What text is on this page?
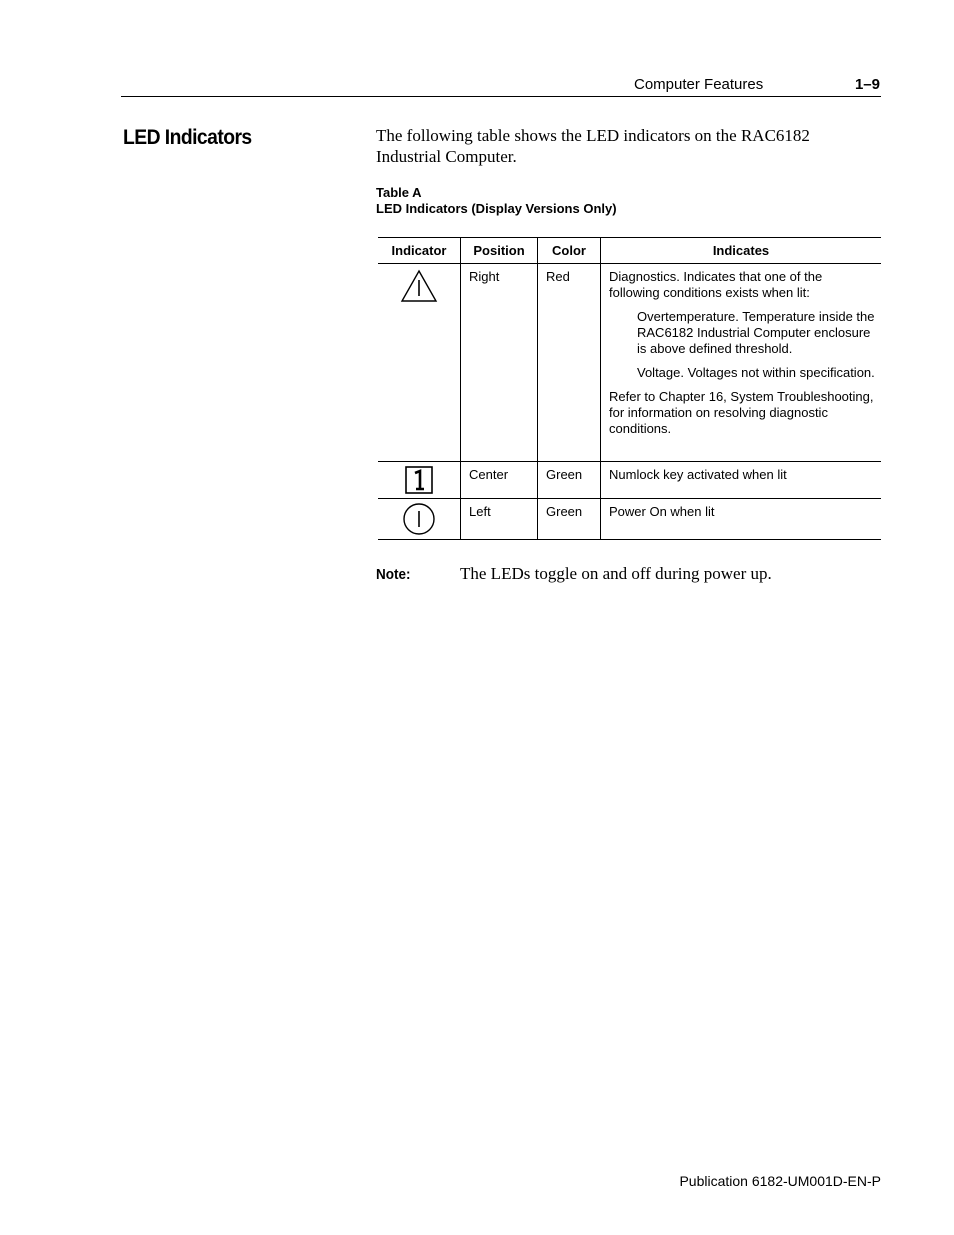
Computer Features	1–9
LED Indicators	The following table shows the LED indicators on the RAC6182 Industrial Computer.
Table A
LED Indicators (Display Versions Only)
Indicator	Position	Color	Indicates
	Right	Red	Diagnostics. Indicates that one of the following conditions exists when lit:
Overtemperature. Temperature inside the RAC6182 Industrial Computer enclosure is above defined threshold.
Voltage. Voltages not within specification.
Refer to Chapter 16, System Troubleshooting, for information on resolving diagnostic conditions.

	Center	Green	Numlock key activated when lit
	Left	Green	Power On when lit
Note:	The LEDs toggle on and off during power up.
Publication 6182-UM001D-EN-P
